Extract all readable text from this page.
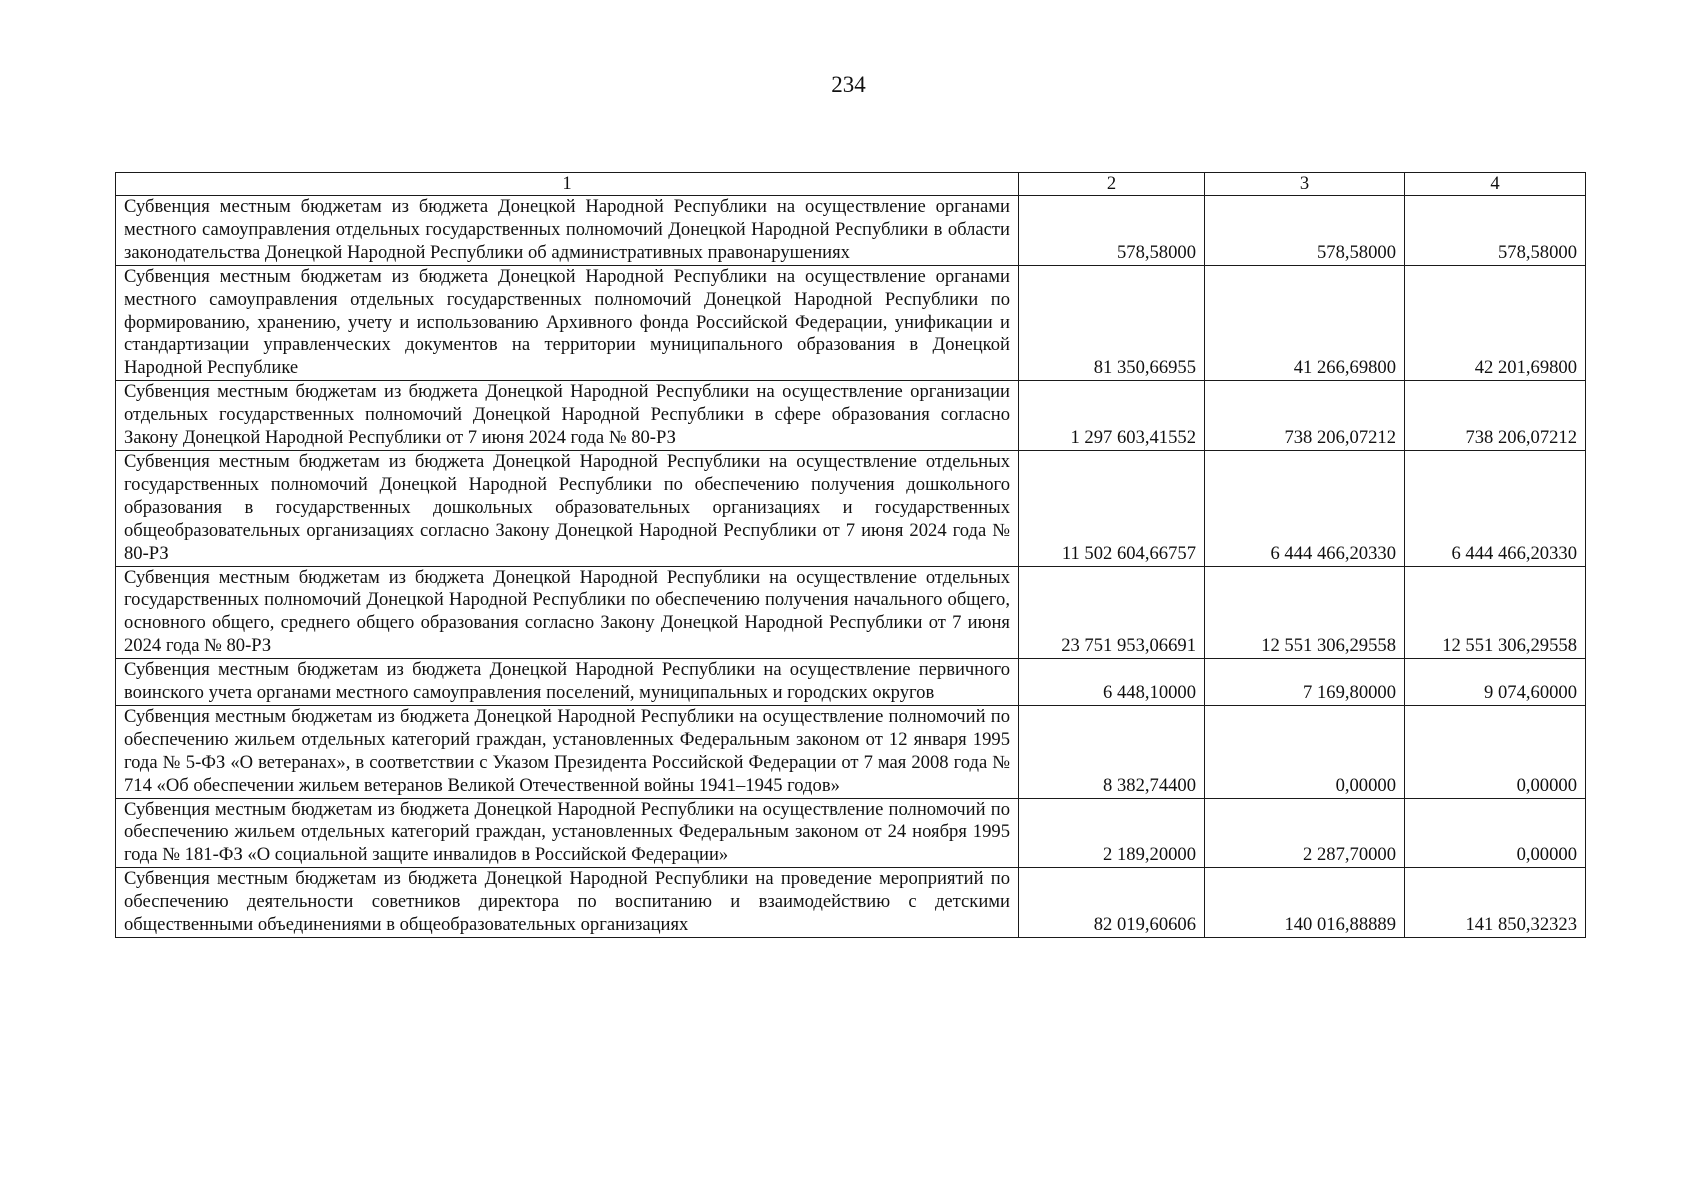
234
1	2	3	4
Субвенция местным бюджетам из бюджета Донецкой Народной Республики на осуществление органами местного самоуправления отдельных государственных полномочий Донецкой Народной Республики в области законодательства Донецкой Народной Республики об административных правонарушениях	578,58000	578,58000	578,58000
Субвенция местным бюджетам из бюджета Донецкой Народной Республики на осуществление органами местного самоуправления отдельных государственных полномочий Донецкой Народной Республики по формированию, хранению, учету и использованию Архивного фонда Российской Федерации, унификации и стандартизации управленческих документов на территории муниципального образования в Донецкой Народной Республике	81 350,66955	41 266,69800	42 201,69800
Субвенция местным бюджетам из бюджета Донецкой Народной Республики на осуществление организации отдельных государственных полномочий Донецкой Народной Республики в сфере образования согласно Закону Донецкой Народной Республики от 7 июня 2024 года № 80-РЗ	1 297 603,41552	738 206,07212	738 206,07212
Субвенция местным бюджетам из бюджета Донецкой Народной Республики на осуществление отдельных государственных полномочий Донецкой Народной Республики по обеспечению получения дошкольного образования в государственных дошкольных образовательных организациях и государственных общеобразовательных организациях согласно Закону Донецкой Народной Республики от 7 июня 2024 года № 80-РЗ	11 502 604,66757	6 444 466,20330	6 444 466,20330
Субвенция местным бюджетам из бюджета Донецкой Народной Республики на осуществление отдельных государственных полномочий Донецкой Народной Республики по обеспечению получения начального общего, основного общего, среднего общего образования согласно Закону Донецкой Народной Республики от 7 июня 2024 года № 80-РЗ	23 751 953,06691	12 551 306,29558	12 551 306,29558
Субвенция местным бюджетам из бюджета Донецкой Народной Республики на осуществление первичного воинского учета органами местного самоуправления поселений, муниципальных и городских округов	6 448,10000	7 169,80000	9 074,60000
Субвенция местным бюджетам из бюджета Донецкой Народной Республики на осуществление полномочий по обеспечению жильем отдельных категорий граждан, установленных Федеральным законом от 12 января 1995 года № 5-ФЗ «О ветеранах», в соответствии с Указом Президента Российской Федерации от 7 мая 2008 года № 714 «Об обеспечении жильем ветеранов Великой Отечественной войны 1941–1945 годов»	8 382,74400	0,00000	0,00000
Субвенция местным бюджетам из бюджета Донецкой Народной Республики на осуществление полномочий по обеспечению жильем отдельных категорий граждан, установленных Федеральным законом от 24 ноября 1995 года № 181-ФЗ «О социальной защите инвалидов в Российской Федерации»	2 189,20000	2 287,70000	0,00000
Субвенция местным бюджетам из бюджета Донецкой Народной Республики на проведение мероприятий по обеспечению деятельности советников директора по воспитанию и взаимодействию с детскими общественными объединениями в общеобразовательных организациях	82 019,60606	140 016,88889	141 850,32323
